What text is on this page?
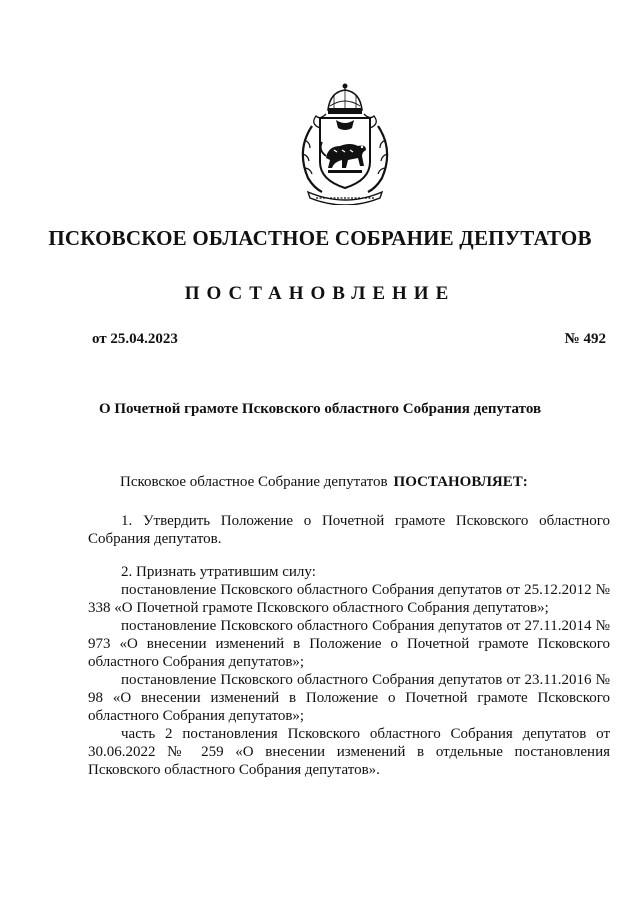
ПСКОВСКОЕ ОБЛАСТНОЕ СОБРАНИЕ ДЕПУТАТОВ
ПОСТАНОВЛЕНИЕ
от 25.04.2023	№ 492
О Почетной грамоте Псковского областного Собрания депутатов
Псковское областное Собрание депутатов ПОСТАНОВЛЯЕТ:
1. Утвердить Положение о Почетной грамоте Псковского областного Собрания депутатов.

2. Признать утратившим силу:

постановление Псковского областного Собрания депутатов от 25.12.2012 № 338 «О Почетной грамоте Псковского областного Собрания депутатов»;

постановление Псковского областного Собрания депутатов от 27.11.2014 № 973 «О внесении изменений в Положение о Почетной грамоте Псковского областного Собрания депутатов»;

постановление Псковского областного Собрания депутатов от 23.11.2016 № 98 «О внесении изменений в Положение о Почетной грамоте Псковского областного Собрания депутатов»;

часть 2 постановления Псковского областного Собрания депутатов от 30.06.2022 № 259 «О внесении изменений в отдельные постановления Псковского областного Собрания депутатов».
